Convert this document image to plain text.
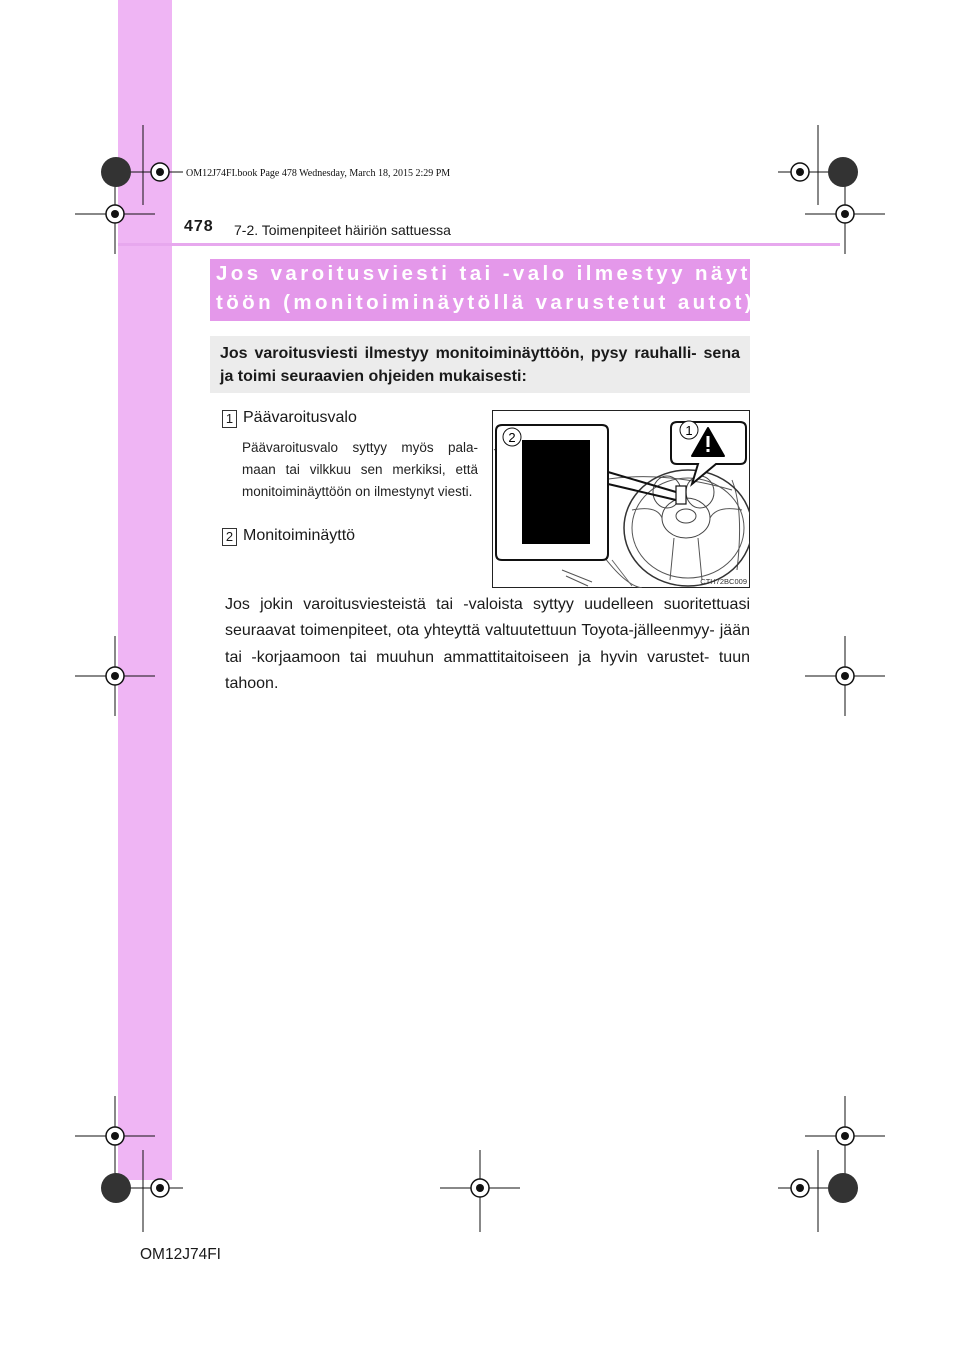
OM12J74FI.book Page 478 Wednesday, March 18, 2015 2:29 PM
478 7-2. Toimenpiteet häiriön sattuessa
Jos varoitusviesti tai -valo ilmestyy näyt-
töön (monitoiminäytöllä varustetut autot)
Jos varoitusviesti ilmestyy monitoiminäyttöön, pysy rauhalli- sena ja toimi seuraavien ohjeiden mukaisesti:
1 Päävaroitusvalo
Päävaroitusvalo syttyy myös pala- maan tai vilkkuu sen merkiksi, että monitoiminäyttöön on ilmestynyt viesti.
2 Monitoiminäyttö
2	1
CTH72BC009
Jos jokin varoitusviesteistä tai -valoista syttyy uudelleen suoritettuasi seuraavat toimenpiteet, ota yhteyttä valtuutettuun Toyota-jälleenmyy- jään tai -korjaamoon tai muuhun ammattitaitoiseen ja hyvin varustet- tuun tahoon.
OM12J74FI
